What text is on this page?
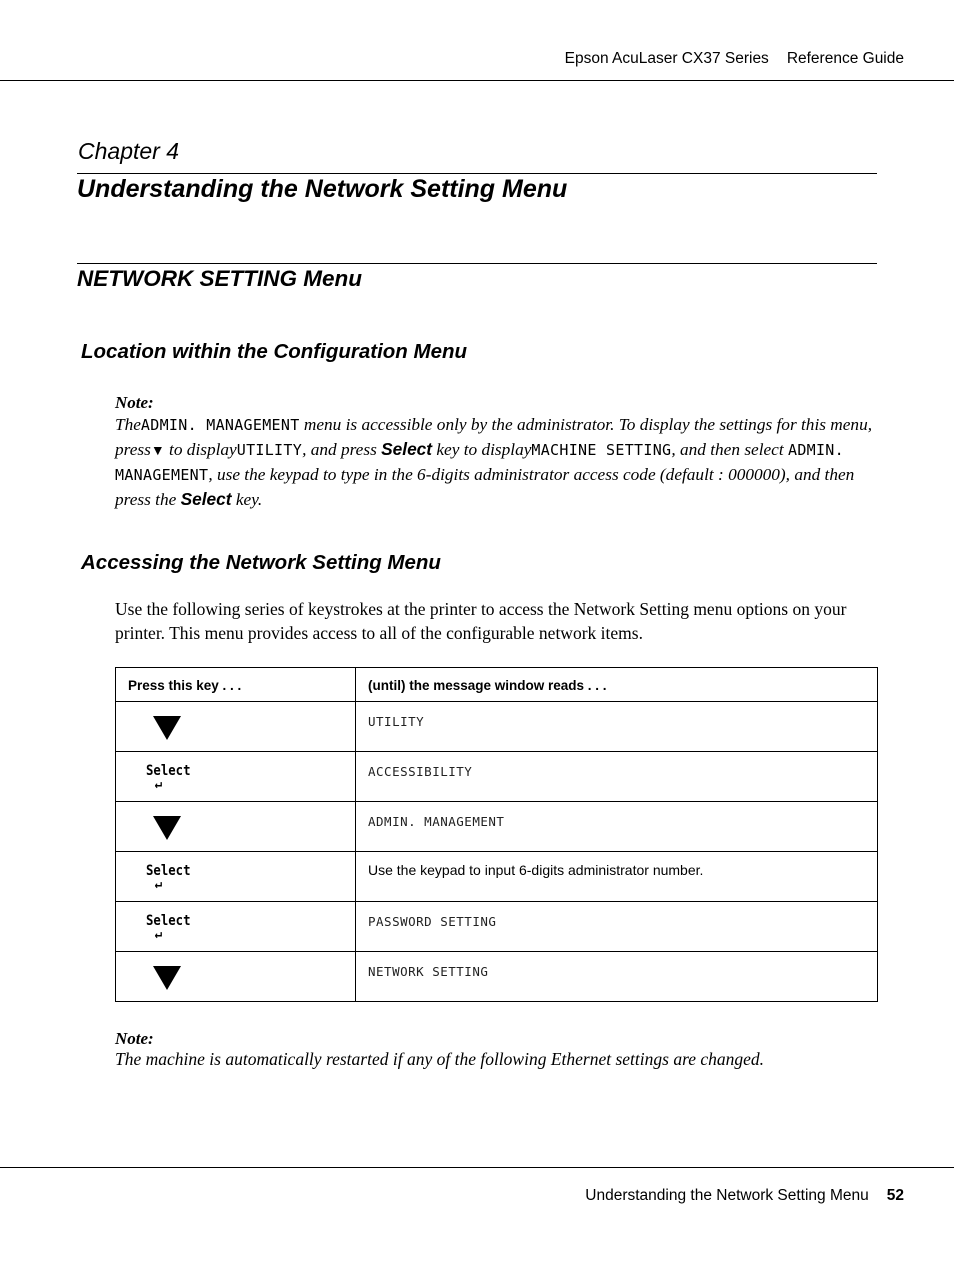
Epson AcuLaser CX37 Series Reference Guide
Chapter 4
Understanding the Network Setting Menu
NETWORK SETTING Menu
Location within the Configuration Menu
Note:
TheADMIN. MANAGEMENT menu is accessible only by the administrator. To display the settings for this menu, press▼ to displayUTILITY, and press Select key to displayMACHINE SETTING, and then select ADMIN. MANAGEMENT, use the keypad to type in the 6-digits administrator access code (default : 000000), and then press the Select key.
Accessing the Network Setting Menu
Use the following series of keystrokes at the printer to access the Network Setting menu options on your printer. This menu provides access to all of the configurable network items.
Press this key . . .	(until) the message window reads . . .

	UTILITY

Select
↵	ACCESSIBILITY

	ADMIN. MANAGEMENT

Select
↵	Use the keypad to input 6-digits administrator number.

Select
↵	PASSWORD SETTING

	NETWORK SETTING
Note:
The machine is automatically restarted if any of the following Ethernet settings are changed.
Understanding the Network Setting Menu 52
